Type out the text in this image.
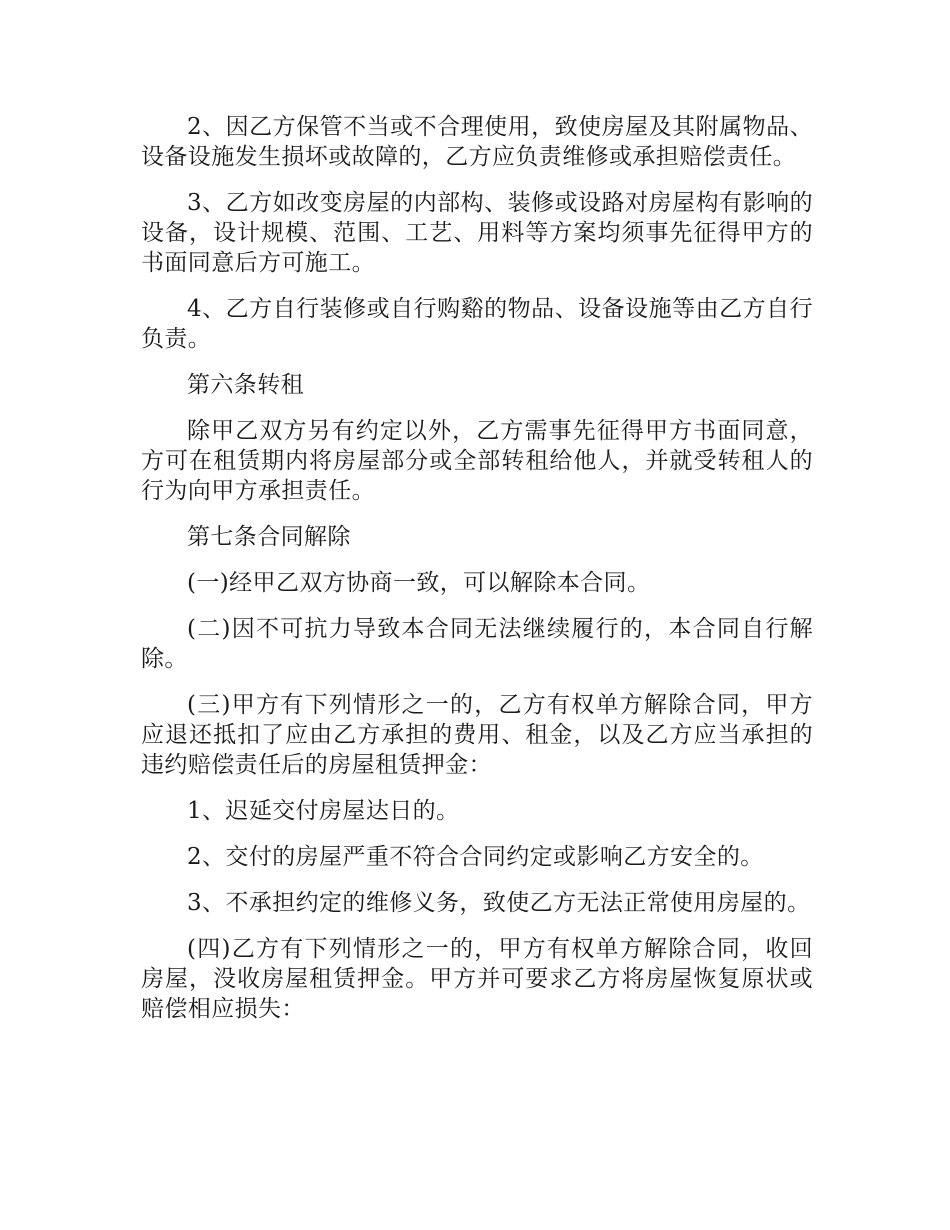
2、因乙方保管不当或不合理使用，致使房屋及其附属物品、设备设施发生损坏或故障的，乙方应负责维修或承担赔偿责任。

3、乙方如改变房屋的内部构、装修或设路对房屋构有影响的设备，设计规模、范围、工艺、用料等方案均须事先征得甲方的书面同意后方可施工。

4、乙方自行装修或自行购谿的物品、设备设施等由乙方自行负责。

第六条转租

除甲乙双方另有约定以外，乙方需事先征得甲方书面同意，方可在租赁期内将房屋部分或全部转租给他人，并就受转租人的行为向甲方承担责任。

第七条合同解除

(一)经甲乙双方协商一致，可以解除本合同。

(二)因不可抗力导致本合同无法继续履行的，本合同自行解除。

(三)甲方有下列情形之一的，乙方有权单方解除合同，甲方应退还抵扣了应由乙方承担的费用、租金，以及乙方应当承担的违约赔偿责任后的房屋租赁押金：

1、迟延交付房屋达日的。

2、交付的房屋严重不符合合同约定或影响乙方安全的。

3、不承担约定的维修义务，致使乙方无法正常使用房屋的。

(四)乙方有下列情形之一的，甲方有权单方解除合同，收回房屋，没收房屋租赁押金。甲方并可要求乙方将房屋恢复原状或赔偿相应损失：
